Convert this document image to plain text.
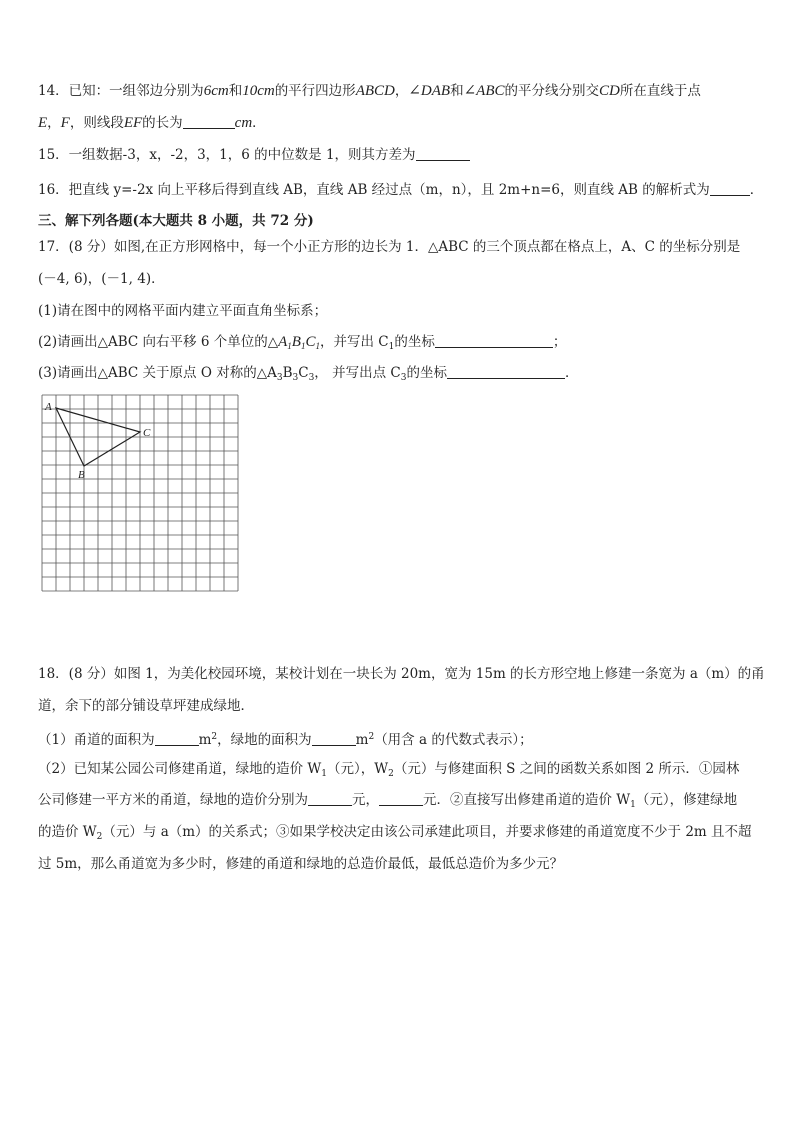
14．已知：一组邻边分别为6cm和10cm的平行四边形ABCD，∠DAB和∠ABC的平分线分别交CD所在直线于点
E，F，则线段EF的长为	cm．
15．一组数据-3，x，-2，3，1，6 的中位数是 1，则其方差为
16．把直线 y=-2x 向上平移后得到直线 AB，直线 AB 经过点（m，n），且 2m+n=6，则直线 AB 的解析式为	．
三、解下列各题(本大题共 8 小题，共 72 分)
17．(8 分）如图,在正方形网格中，每一个小正方形的边长为 1．△ABC 的三个顶点都在格点上，A、C 的坐标分别是
(－4, 6)，(－1, 4)．
(1)请在图中的网格平面内建立平面直角坐标系；
(2)请画出△ABC 向右平移 6 个单位的$\triangle A_1B_1C_1$，并写出 $C_1$的坐标	；
(3)请画出△ABC 关于原点 O 对称的$\triangle A_3B_3C_3$， 并写出点 $C_3$的坐标	．
A
C
B
18．(8 分）如图 1，为美化校园环境，某校计划在一块长为 20m，宽为 15m 的长方形空地上修建一条宽为 a（m）的甬
道，余下的部分铺设草坪建成绿地．
（1）甬道的面积为	$m^2$，绿地的面积为	$m^2$（用含 a 的代数式表示）；
（2）已知某公园公司修建甬道，绿地的造价 $W_1$（元），$W_2$（元）与修建面积 S 之间的函数关系如图 2 所示．①园林
公司修建一平方米的甬道，绿地的造价分别为	元，	元．②直接写出修建甬道的造价 $W_1$（元），修建绿地
的造价 $W_2$（元）与 a（m）的关系式；③如果学校决定由该公司承建此项目，并要求修建的甬道宽度不少于 2m 且不超
过 5m，那么甬道宽为多少时，修建的甬道和绿地的总造价最低，最低总造价为多少元？
